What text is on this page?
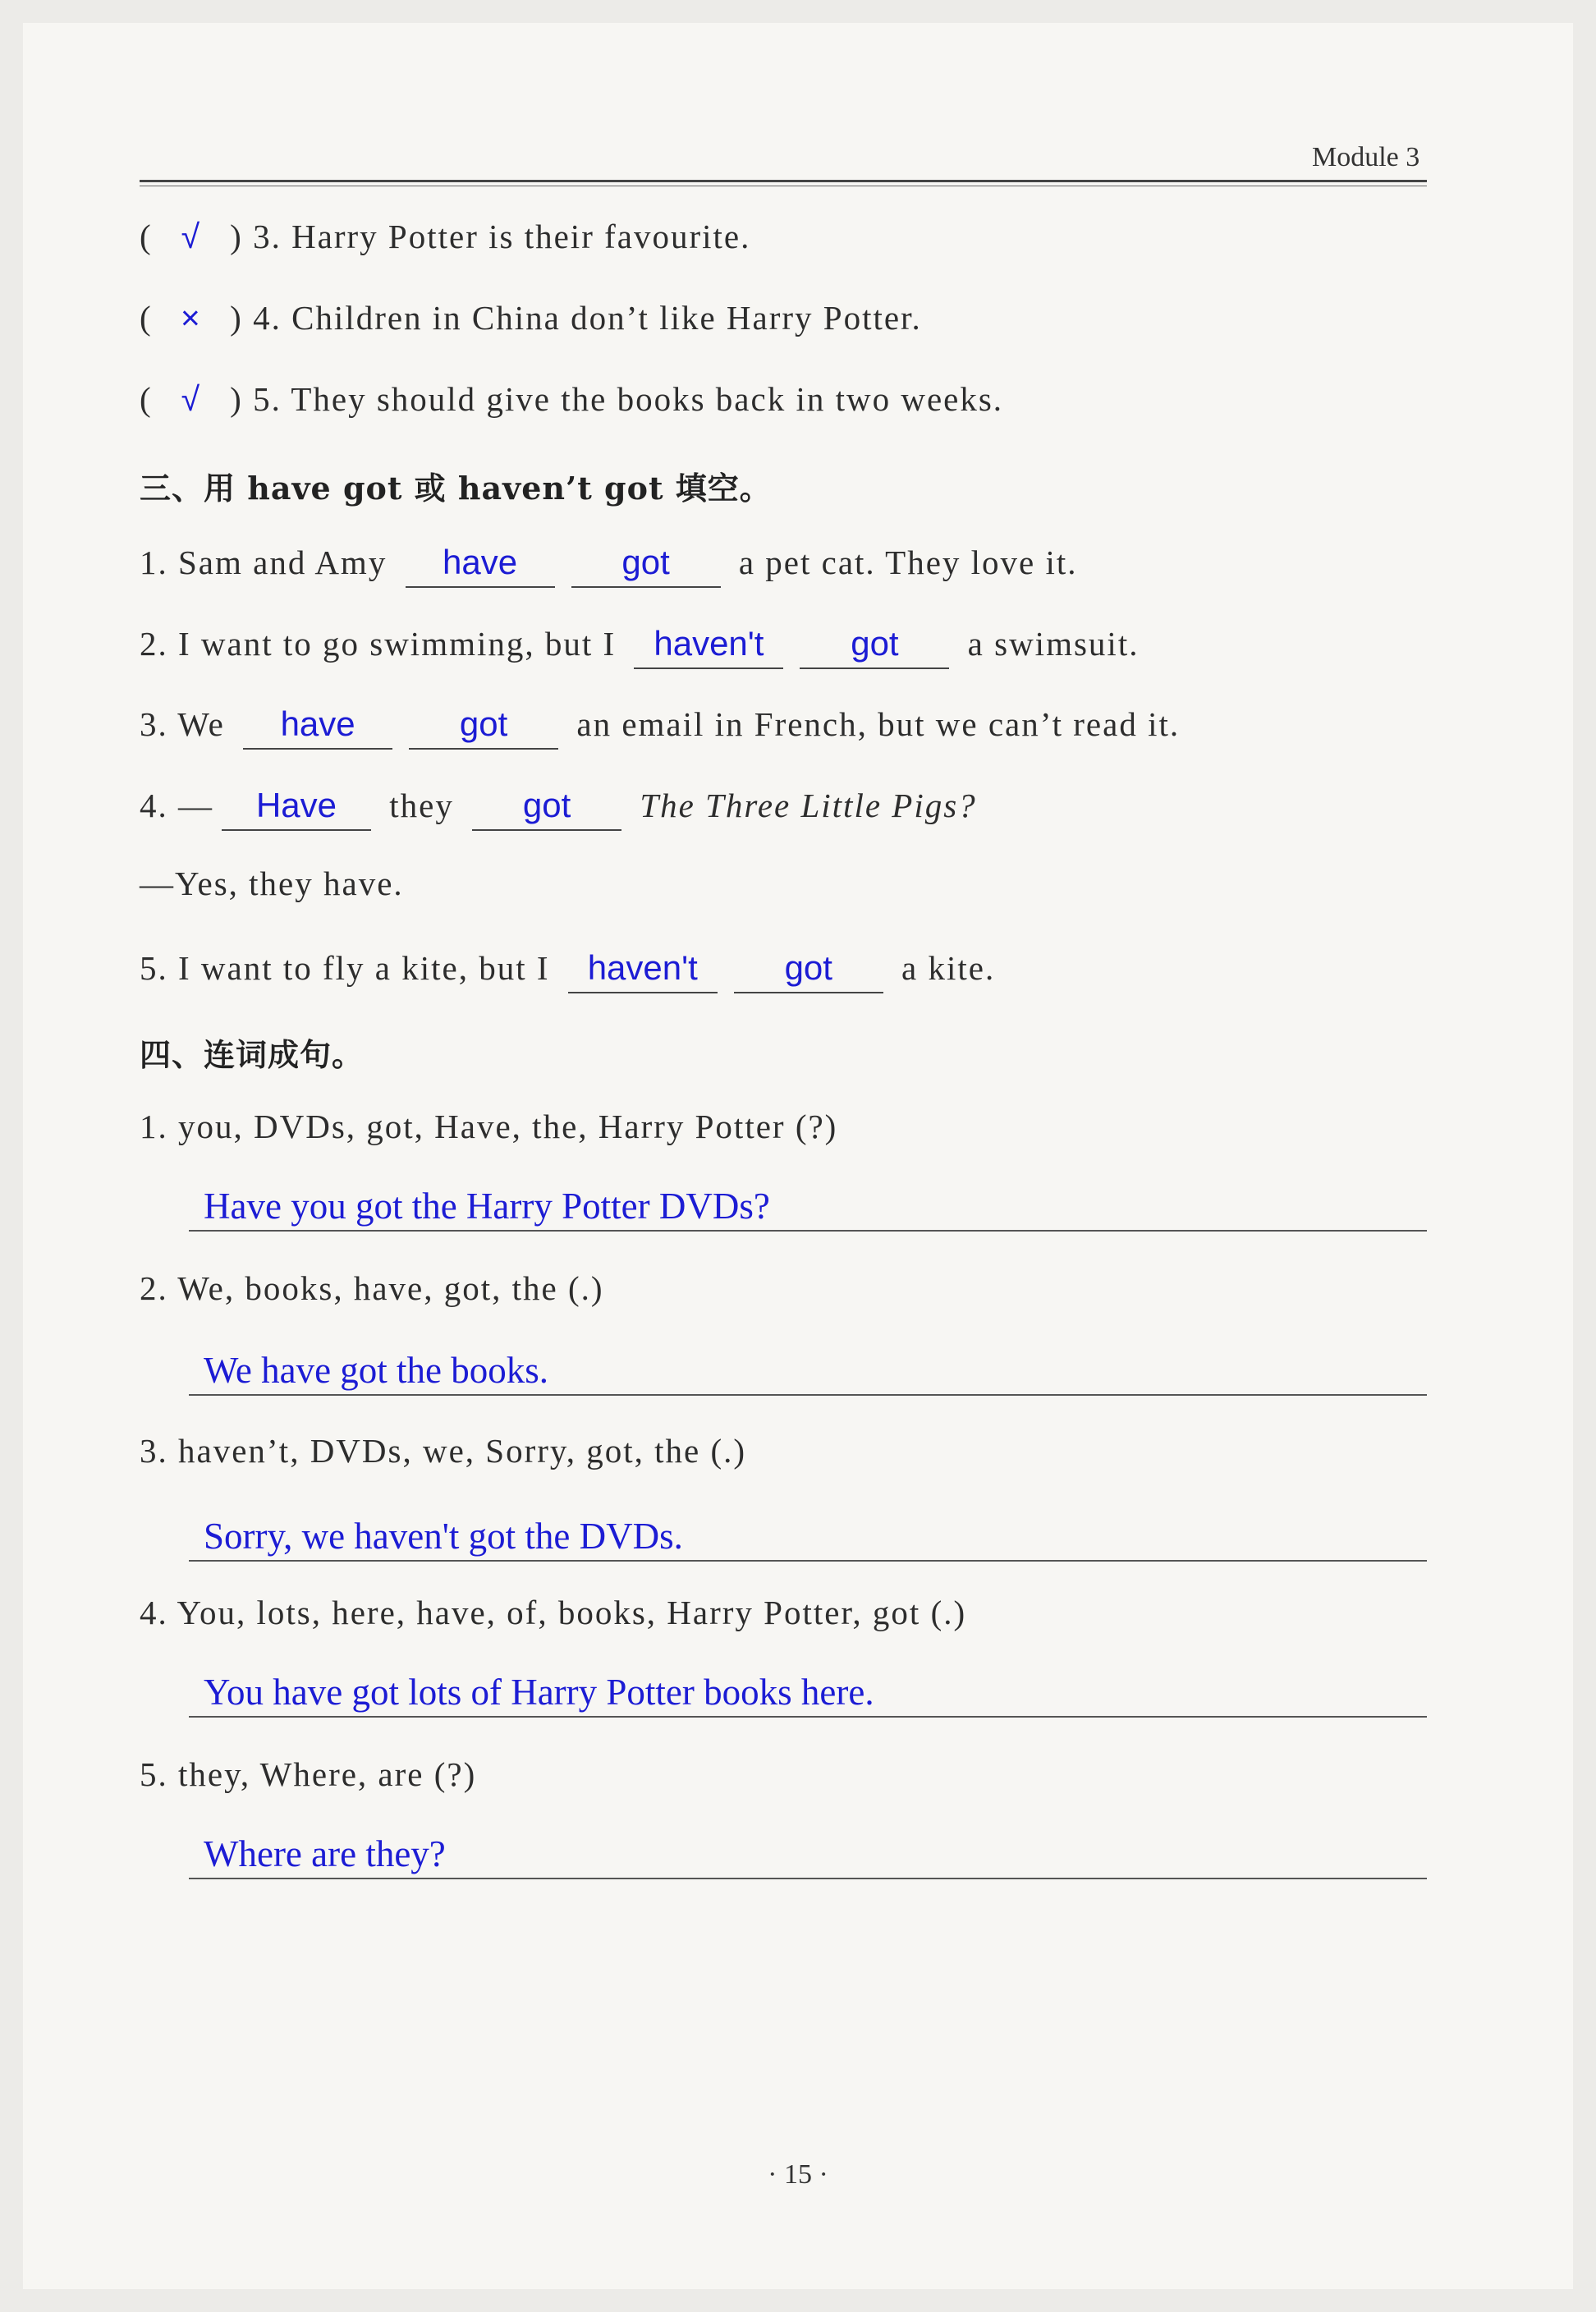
Module 3
( √ ) 3. Harry Potter is their favourite.
( × ) 4. Children in China don’t like Harry Potter.
( √ ) 5. They should give the books back in two weeks.
三、用 have got 或 haven’t got 填空。
1. Sam and Amy have	got a pet cat. They love it.
2. I want to go swimming, but I haven't	got a swimsuit.
3. We have	got an email in French, but we can’t read it.
4. — Have they got The Three Little Pigs?
—Yes, they have.
5. I want to fly a kite, but I haven't	got a kite.
四、连词成句。
1. you, DVDs, got, Have, the, Harry Potter (?)
Have you got the Harry Potter DVDs?
2. We, books, have, got, the (.)
We have got the books.
3. haven’t, DVDs, we, Sorry, got, the (.)
Sorry, we haven't got the DVDs.
4. You, lots, here, have, of, books, Harry Potter, got (.)
You have got lots of Harry Potter books here.
5. they, Where, are (?)
Where are they?
· 15 ·
